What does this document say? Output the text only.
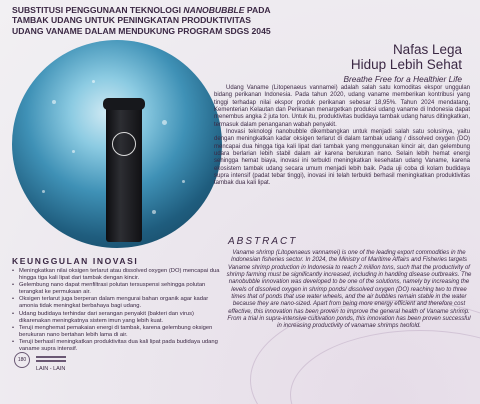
SUBSTITUSI PENGGUNAAN TEKNOLOGI NANOBUBBLE PADA
TAMBAK UDANG UNTUK PENINGKATAN PRODUKTIVITAS
UDANG VANAME DALAM MENDUKUNG PROGRAM SDGS 2045
Nafas Lega
Hidup Lebih Sehat
Breathe Free for a Healthier Life

Udang Vaname (Litopenaeus vannamei) adalah salah satu komoditas ekspor unggulan bidang perikanan Indonesia. Pada tahun 2020, udang vaname memberikan kontribusi yang tinggi terhadap nilai ekspor produk perikanan sebesar 18,95%. Tahun 2024 mendatang, Kementerian Kelautan dan Perikanan menargetkan produksi udang vaname di Indonesia dapat menembus angka 2 juta ton. Untuk itu, produktivitas budidaya tambak udang harus ditingkatkan, termasuk dalam penanganan wabah penyakit.

Inovasi teknologi nanobubble dikembangkan untuk menjadi salah satu solusinya, yaitu dengan meningkatkan kadar oksigen terlarut di dalam tambak udang / dissolved oxygen (DO) mencapai dua hingga tiga kali lipat dari tambak yang menggunakan kincir air, dan gelembung udara berlarian lebih stabil dalam air karena berukuran nano. Selain lebih hemat energi sehingga hemat biaya, inovasi ini terbukti meningkatkan kesehatan udang Vaname, karena ekosistem tambak udang secara umum menjadi lebih baik. Pada uji coba di kolam budidaya supra intensif (padat tebar tinggi), inovasi ini telah terbukti berhasil meningkatkan produktivitas tambak dua kali lipat.

ABSTRACT
Vaname shrimp (Litopenaeus vannamei) is one of the leading export commodities in the Indonesian fisheries sector. In 2024, the Ministry of Maritime Affairs and Fisheries targets Vaname shrimp production in Indonesia to reach 2 million tons, such that the productivity of shrimp farming must be significantly increased, including in handling disease outbreaks. The nanobubble innovation was developed to be one of the solutions, namely by increasing the levels of dissolved oxygen in shrimp ponds/ dissolved oxygen (DO) reaching two to three times that of ponds that use water wheels, and the air bubbles remain stable in the water because they are nano-sized. Apart from being more energy efficient and therefore cost effective, this innovation has been proven to improve the general health of Vaname shrimp. From a trial in supra-intensive cultivation ponds, this innovation has been proven successful in increasing productivity of vanamae shrimps twofold.
KEUNGGULAN INOVASI
• Meningkatkan nilai oksigen terlarut atau dissolved oxygen (DO) mencapai dua hingga tiga kali lipat dari tambak dengan kincir.
• Gelembung nano dapat menfiltrasi polutan tersuspensi sehingga polutan terangkat ke permukaan air.
• Oksigen terlarut juga berperan dalam mengurai bahan organik agar kadar amonia tidak meningkat berbahaya bagi udang.
• Udang budidaya terhindar dari serangan penyakit (bakteri dan virus) dikarenakan meningkatnya sistem imun yang lebih kuat.
• Teruji menghemat pemakaian energi di tambak, karena gelembung oksigen berukuran nano bertahan lebih lama di air.
• Teruji berhasil meningkatkan produktivitas dua kali lipat pada budidaya udang vaname supra intensif.
180
LAIN - LAIN
